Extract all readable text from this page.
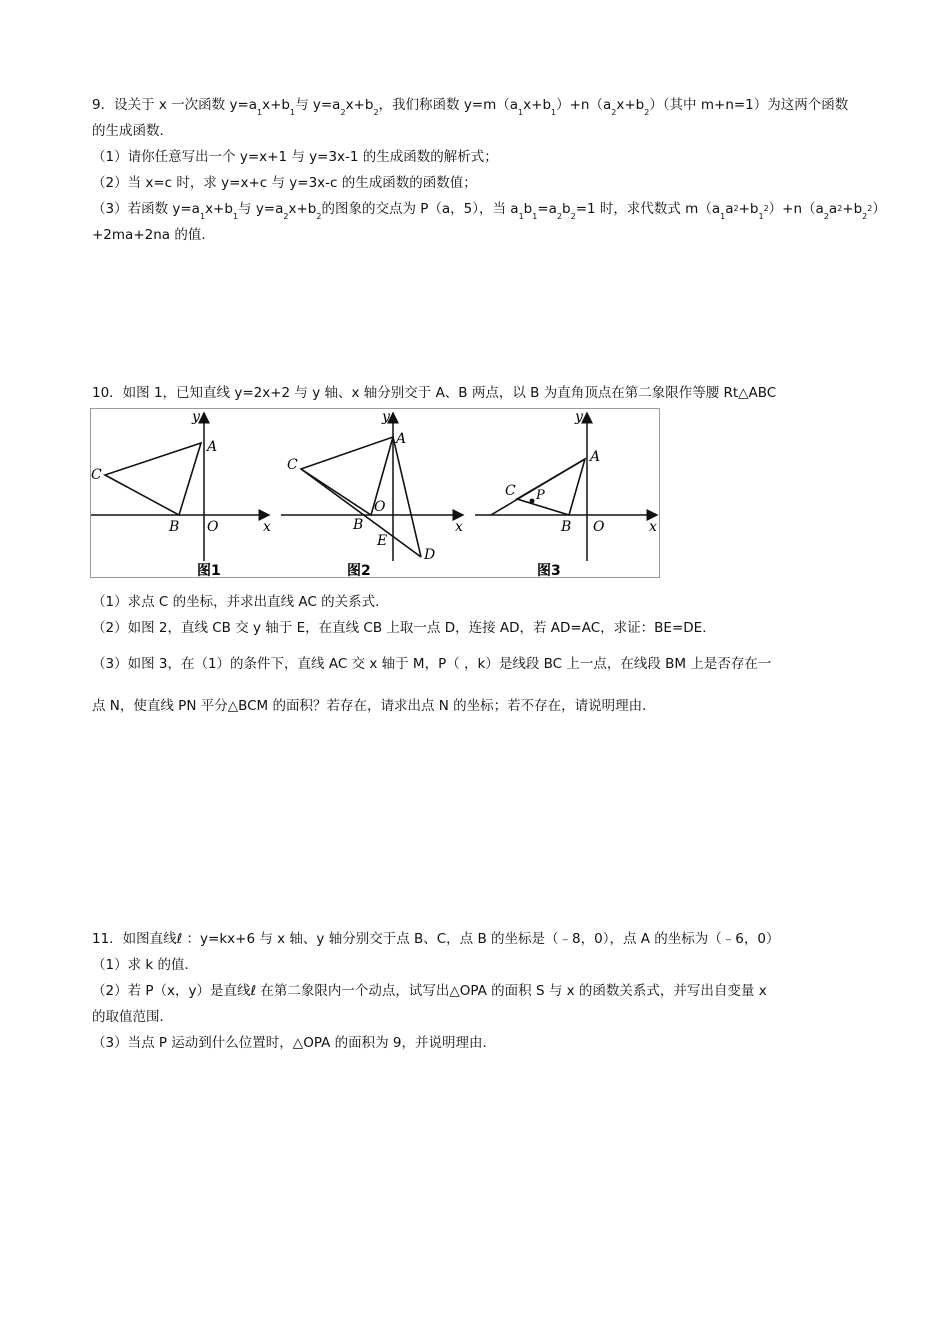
9．设关于 x 一次函数 $y=a_1x+b_1$与 $y=a_2x+b_2$，我们称函数 $y=m(a_1x+b_1)+n(a_2x+b_2)$（其中 m+n=1）为这两个函数
的生成函数．
（1）请你任意写出一个 y=x+1 与 y=3x-1 的生成函数的解析式；
（2）当 x=c 时，求 y=x+c 与 y=3x-c 的生成函数的函数值；
（3）若函数 $y=a_1x+b_1$与 $y=a_2x+b_2$的图象的交点为 P（a，5），当 $a_1b_1=a_2b_2=1$ 时，求代数式 $m(a_1a2+b_12)+n(a_2a2+b_22)$
+2ma+2na 的值．
10．如图 1，已知直线 y=2x+2 与 y 轴、x 轴分别交于 A、B 两点，以 B 为直角顶点在第二象限作等腰 Rt△ABC
y
A
C
B O	x
图1
y
A
C
O
B
E
D
x
图2
y
A
C P
B O	x
图3
（1）求点 C 的坐标，并求出直线 AC 的关系式．
（2）如图 2，直线 CB 交 y 轴于 E，在直线 CB 上取一点 D，连接 AD，若 AD=AC，求证：BE=DE．
（3）如图 3，在（1）的条件下，直线 AC 交 x 轴于 M，P（ ，k）是线段 BC 上一点，在线段 BM 上是否存在一
点 N，使直线 PN 平分△BCM 的面积？若存在，请求出点 N 的坐标；若不存在，请说明理由．
11．如图直线ℓ ：y=kx+6 与 x 轴、y 轴分别交于点 B、C，点 B 的坐标是（﹣8，0），点 A 的坐标为（﹣6，0）
（1）求 k 的值．
（2）若 P（x，y）是直线ℓ 在第二象限内一个动点，试写出△OPA 的面积 S 与 x 的函数关系式，并写出自变量 x
的取值范围．
（3）当点 P 运动到什么位置时，△OPA 的面积为 9，并说明理由．
